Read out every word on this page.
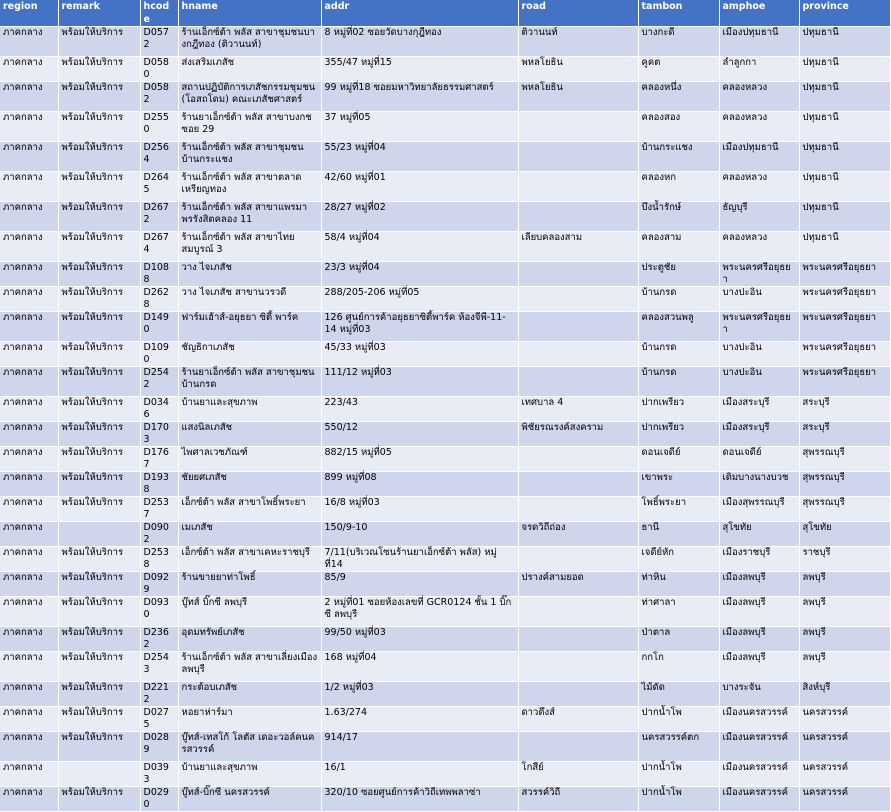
region	remark	hcode	hname	addr	road	tambon	amphoe	province
ภาคกลาง	พร้อมให้บริการ	D0572	ร้านเอ็กซ์ต้า พลัส สาขาชุมชนบางกฎีทอง (ติวานนท์)	8 หมู่ที่02 ซอยวัดบางกุฎีทอง	ติวานนท์	บางกะดี	เมืองปทุมธานี	ปทุมธานี
ภาคกลาง	พร้อมให้บริการ	D0580	ส่งเสริมเภสัช	355/47 หมู่ที่15	พหลโยธิน	คูคต	ลำลูกกา	ปทุมธานี
ภาคกลาง	พร้อมให้บริการ	D0582	สถานปฏิบัติการเภสัชกรรมชุมชน (โอสถโดม) คณะเภสัชศาสตร์	99 หมู่ที่18 ซอยมหาวิทยาลัยธรรมศาสตร์	พหลโยธิน	คลองหนึ่ง	คลองหลวง	ปทุมธานี
ภาคกลาง	พร้อมให้บริการ	D2550	ร้านยาเอ็กซ์ต้า พลัส สาขาบงกช ซอย 29	37 หมู่ที่05		คลองสอง	คลองหลวง	ปทุมธานี
ภาคกลาง	พร้อมให้บริการ	D2564	ร้านเอ็กซ์ต้า พลัส สาขาชุมชนบ้านกระแชง	55/23 หมู่ที่04		บ้านกระแชง	เมืองปทุมธานี	ปทุมธานี
ภาคกลาง	พร้อมให้บริการ	D2645	ร้านเอ็กซ์ต้า พลัส สาขาตลาดเหรียญทอง	42/60 หมู่ที่01		คลองหก	คลองหลวง	ปทุมธานี
ภาคกลาง	พร้อมให้บริการ	D2672	ร้านเอ็กซ์ต้า พลัส สาขาแพรมาพรรังสิตคลอง 11	28/27 หมู่ที่02		บึงน้ำรักษ์	ธัญบุรี	ปทุมธานี
ภาคกลาง	พร้อมให้บริการ	D2674	ร้านเอ็กซ์ต้า พลัส สาขาไทยสมบูรณ์ 3	58/4 หมู่ที่04	เลียบคลองสาม	คลองสาม	คลองหลวง	ปทุมธานี
ภาคกลาง	พร้อมให้บริการ	D1088	วาง ไจเภสัช	23/3 หมู่ที่04		ประตูชัย	พระนครศรีอยุธยา	พระนครศรีอยุธยา
ภาคกลาง	พร้อมให้บริการ	D2628	วาง ไจเภสัช สาขานวรวดี	288/205-206 หมู่ที่05		บ้านกรด	บางปะอิน	พระนครศรีอยุธยา
ภาคกลาง	พร้อมให้บริการ	D1490	ฟาร์มเฮ้าส์-อยุธยา ซิตี้ พาร์ค	126 ศูนย์การค้าอยุธยาซิตี้พาร์ค ห้องจีพี-11-14 หมู่ที่03		คลองสวนพลู	พระนครศรีอยุธยา	พระนครศรีอยุธยา
ภาคกลาง	พร้อมให้บริการ	D1090	ชัญธิกาเภสัช	45/33 หมู่ที่03		บ้านกรด	บางปะอิน	พระนครศรีอยุธยา
ภาคกลาง	พร้อมให้บริการ	D2542	ร้านยาเอ็กซ์ต้า พลัส สาขาชุมชนบ้านกรด	111/12 หมู่ที่03		บ้านกรด	บางปะอิน	พระนครศรีอยุธยา
ภาคกลาง	พร้อมให้บริการ	D0346	บ้านยาและสุขภาพ	223/43	เทศบาล 4	ปากเพรียว	เมืองสระบุรี	สระบุรี
ภาคกลาง	พร้อมให้บริการ	D1703	แสงนิลเภสัช	550/12	พิชัยรณรงค์สงคราม	ปากเพรียว	เมืองสระบุรี	สระบุรี
ภาคกลาง	พร้อมให้บริการ	D1767	ไพศาลเวชภัณฑ์	882/15 หมู่ที่05		ดอนเจดีย์	ดอนเจดีย์	สุพรรณบุรี
ภาคกลาง	พร้อมให้บริการ	D1938	ชัยยศเภสัช	899 หมู่ที่08		เขาพระ	เดิมบางนางบวช	สุพรรณบุรี
ภาคกลาง	พร้อมให้บริการ	D2537	เอ็กซ์ต้า พลัส สาขาโพธิ์พระยา	16/8 หมู่ที่03		โพธิ์พระยา	เมืองสุพรรณบุรี	สุพรรณบุรี
ภาคกลาง		D0902	เมเภสัช	150/9-10	จรดวิถีถ่อง	ธานี	สุโขทัย	สุโขทัย
ภาคกลาง	พร้อมให้บริการ	D2538	เอ็กซ์ต้า พลัส สาขาเคหะราชบุรี	7/11(บริเวณโซนร้านยาเอ็กซ์ต้า พลัส) หมู่ที่14		เจดีย์หัก	เมืองราชบุรี	ราชบุรี
ภาคกลาง	พร้อมให้บริการ	D0929	ร้านขายยาท่าโพธิ์	85/9	ปรางค์สามยอด	ท่าหิน	เมืองลพบุรี	ลพบุรี
ภาคกลาง	พร้อมให้บริการ	D0930	บู๊ทส์ บิ๊กซี ลพบุรี	2 หมู่ที่01 ซอยห้องเลขที่ GCR0124 ชั้น 1 บิ๊กซี ลพบุรี		ท่าศาลา	เมืองลพบุรี	ลพบุรี
ภาคกลาง	พร้อมให้บริการ	D2362	อุดมทรัพย์เภสัช	99/50 หมู่ที่03		ป่าตาล	เมืองลพบุรี	ลพบุรี
ภาคกลาง	พร้อมให้บริการ	D2543	ร้านเอ็กซ์ต้า พลัส สาขาเลี่ยงเมืองลพบุรี	168 หมู่ที่04		กกโก	เมืองลพบุรี	ลพบุรี
ภาคกลาง	พร้อมให้บริการ	D2212	กระต้อบเภสัช	1/2 หมู่ที่03		ไม้ดัด	บางระจัน	สิงห์บุรี
ภาคกลาง	พร้อมให้บริการ	D0275	หอยาห่าร์มา	1.63/274	ดาวดึงส์	ปากน้ำโพ	เมืองนครสวรรค์	นครสวรรค์
ภาคกลาง	พร้อมให้บริการ	D0289	บู๊ทส์-เทสโก้ โลตัส เดอะวอล์คนครสวรรค์	914/17		นครสวรรค์ตก	เมืองนครสวรรค์	นครสวรรค์
ภาคกลาง		D0393	บ้านยาและสุขภาพ	16/1	โกสีย์	ปากน้ำโพ	เมืองนครสวรรค์	นครสวรรค์
ภาคกลาง	พร้อมให้บริการ	D0290	บู๊ทส์-บิ๊กซี นครสวรรค์	320/10 ซอยศูนย์การค้าวิถีเทพพลาซ่า	สวรรค์วิถี	ปากน้ำโพ	เมืองนครสวรรค์	นครสวรรค์
